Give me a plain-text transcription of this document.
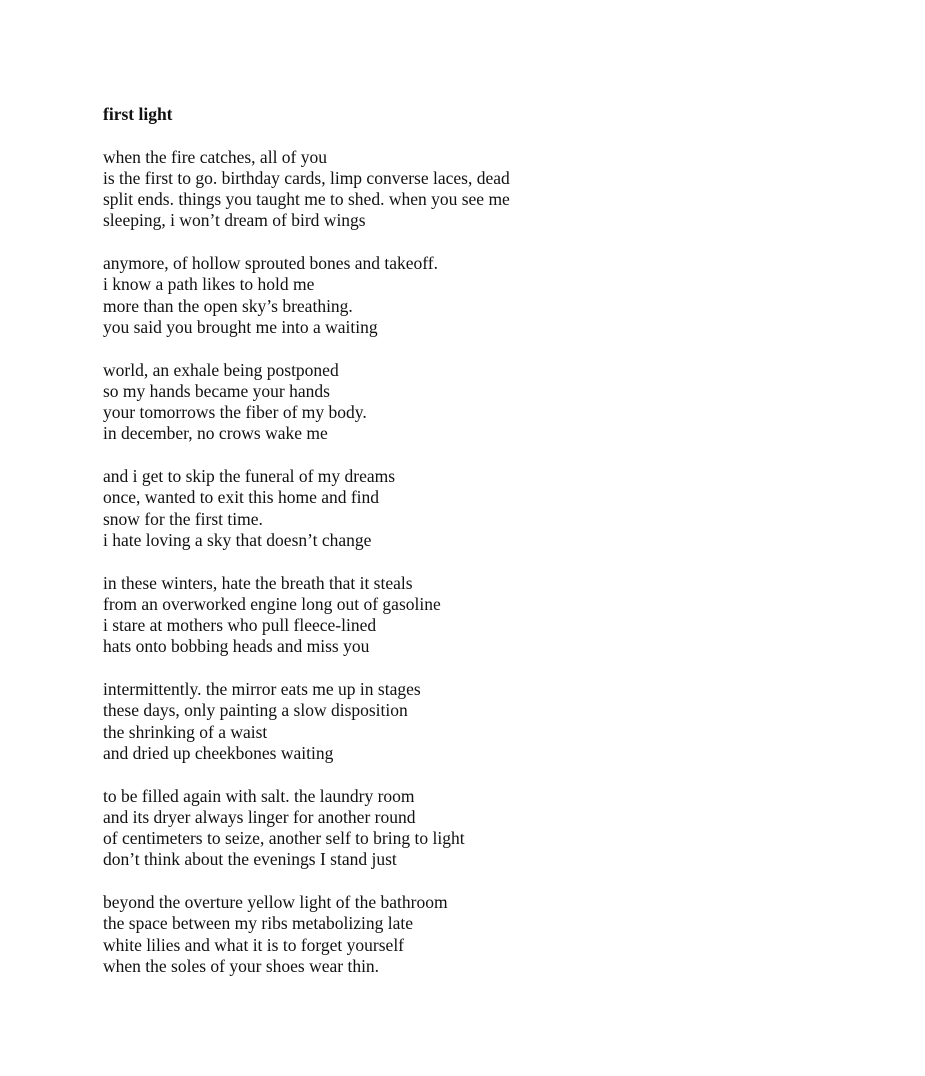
first light
when the fire catches, all of you
is the first to go. birthday cards, limp converse laces, dead
split ends. things you taught me to shed. when you see me
sleeping, i won’t dream of bird wings
anymore, of hollow sprouted bones and takeoff.
i know a path likes to hold me
more than the open sky’s breathing.
you said you brought me into a waiting
world, an exhale being postponed
so my hands became your hands
your tomorrows the fiber of my body.
in december, no crows wake me
and i get to skip the funeral of my dreams
once, wanted to exit this home and find
snow for the first time.
i hate loving a sky that doesn’t change
in these winters, hate the breath that it steals
from an overworked engine long out of gasoline
i stare at mothers who pull fleece-lined
hats onto bobbing heads and miss you
intermittently. the mirror eats me up in stages
these days, only painting a slow disposition
the shrinking of a waist
and dried up cheekbones waiting
to be filled again with salt. the laundry room
and its dryer always linger for another round
of centimeters to seize, another self to bring to light
don’t think about the evenings I stand just
beyond the overture yellow light of the bathroom
the space between my ribs metabolizing late
white lilies and what it is to forget yourself
when the soles of your shoes wear thin.
